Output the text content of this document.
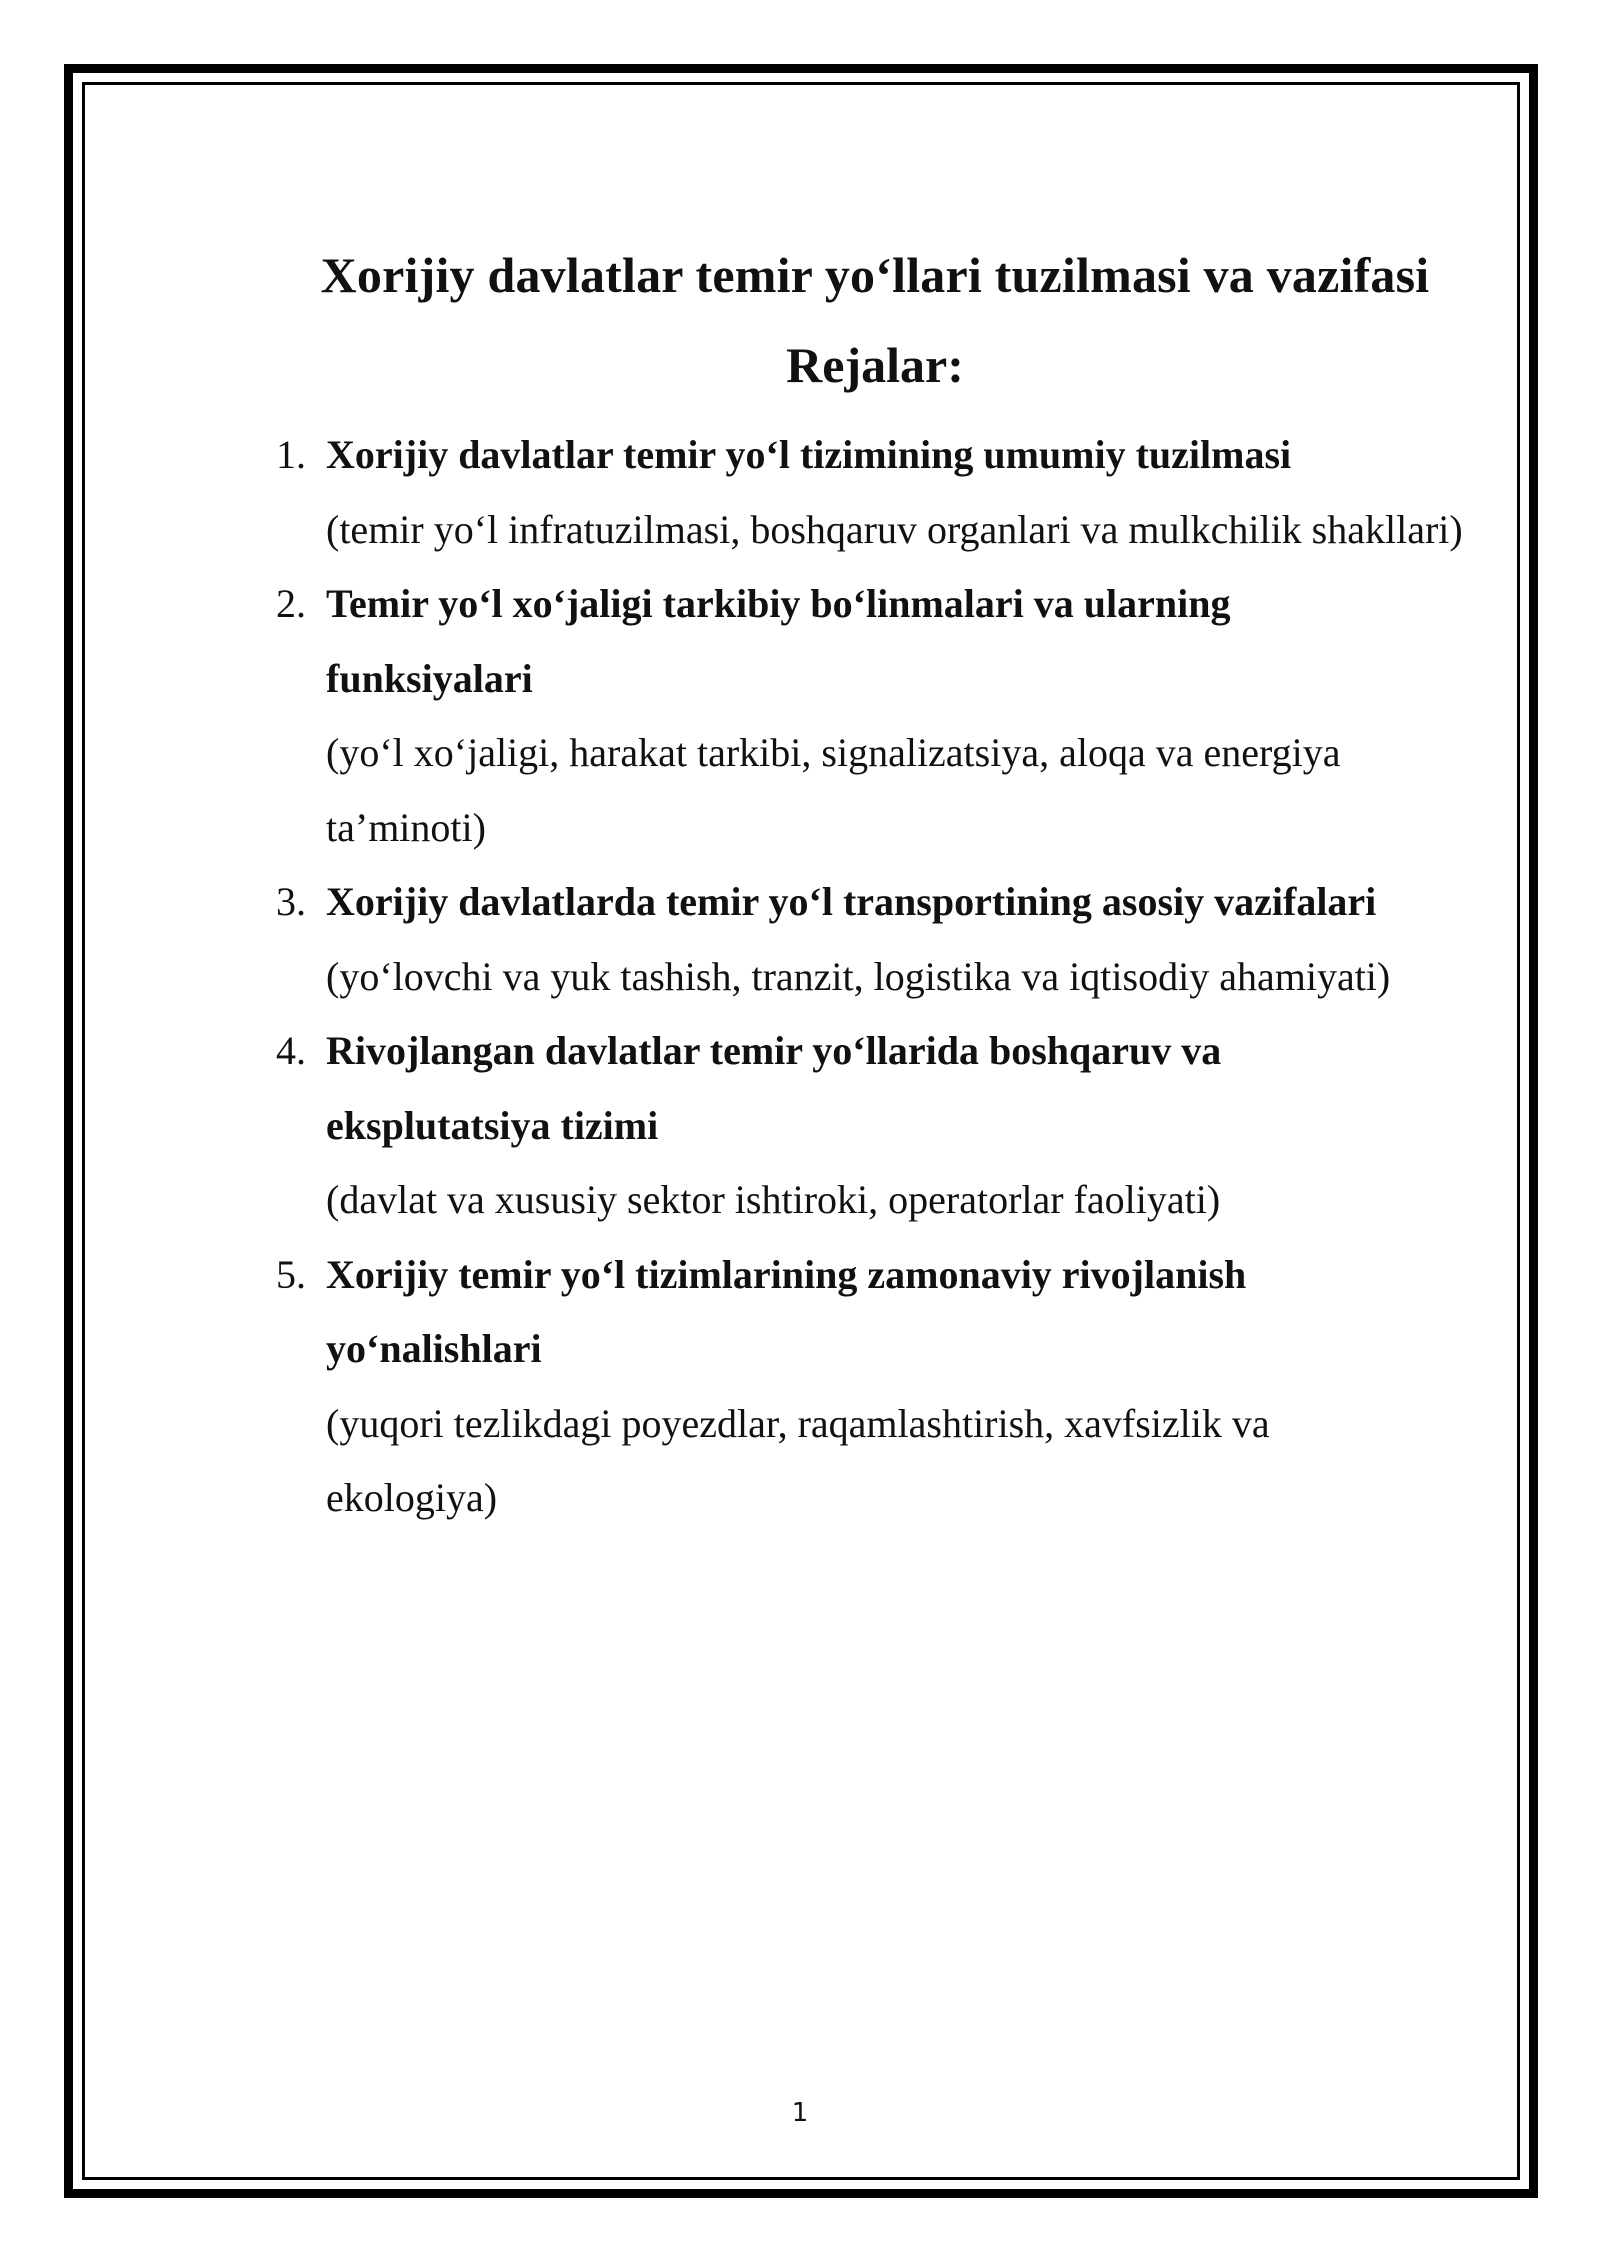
Xorijiy davlatlar temir yo‘llari tuzilmasi va vazifasi
Rejalar:
1. Xorijiy davlatlar temir yo‘l tizimining umumiy tuzilmasi
(temir yo‘l infratuzilmasi, boshqaruv organlari va mulkchilik shakllari)
2. Temir yo‘l xo‘jaligi tarkibiy bo‘linmalari va ularning funksiyalari
(yo‘l xo‘jaligi, harakat tarkibi, signalizatsiya, aloqa va energiya ta’minoti)
3. Xorijiy davlatlarda temir yo‘l transportining asosiy vazifalari
(yo‘lovchi va yuk tashish, tranzit, logistika va iqtisodiy ahamiyati)
4. Rivojlangan davlatlar temir yo‘llarida boshqaruv va eksplutatsiya tizimi
(davlat va xususiy sektor ishtiroki, operatorlar faoliyati)
5. Xorijiy temir yo‘l tizimlarining zamonaviy rivojlanish yo‘nalishlari
(yuqori tezlikdagi poyezdlar, raqamlashtirish, xavfsizlik va ekologiya)
1
